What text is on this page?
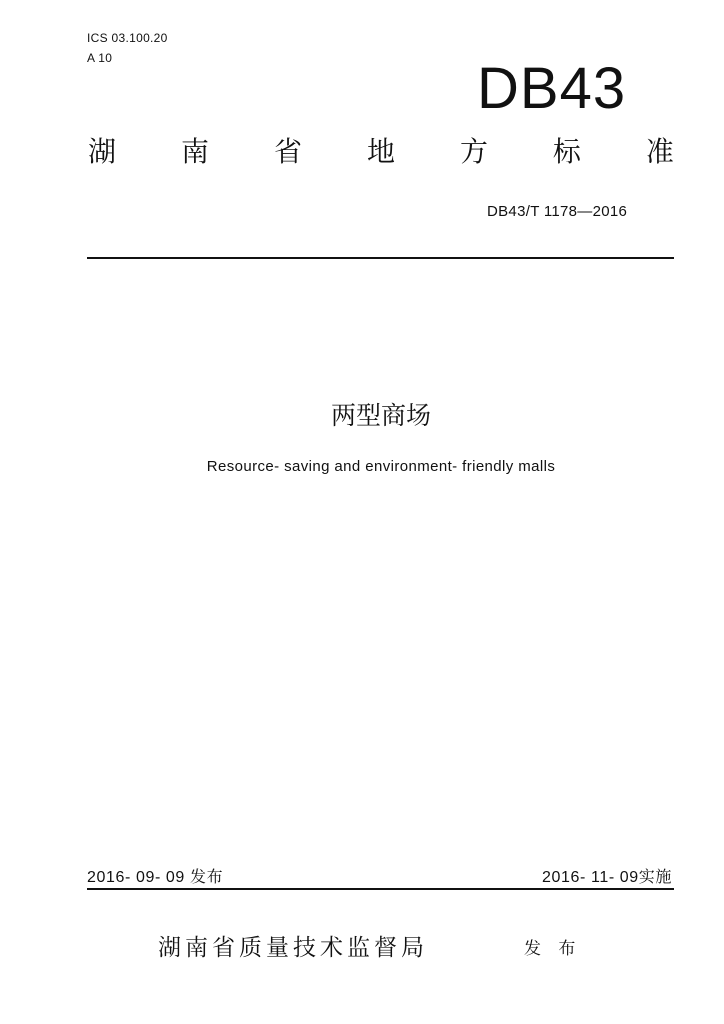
ICS 03.100.20
A 10	DB43
湖 南 省 地 方 标 准
DB43/T 1178—2016
两型商场
Resource- saving and environment- friendly malls
2016- 09- 09 发布	2016- 11- 09实施
湖南省质量技术监督局	发 布
